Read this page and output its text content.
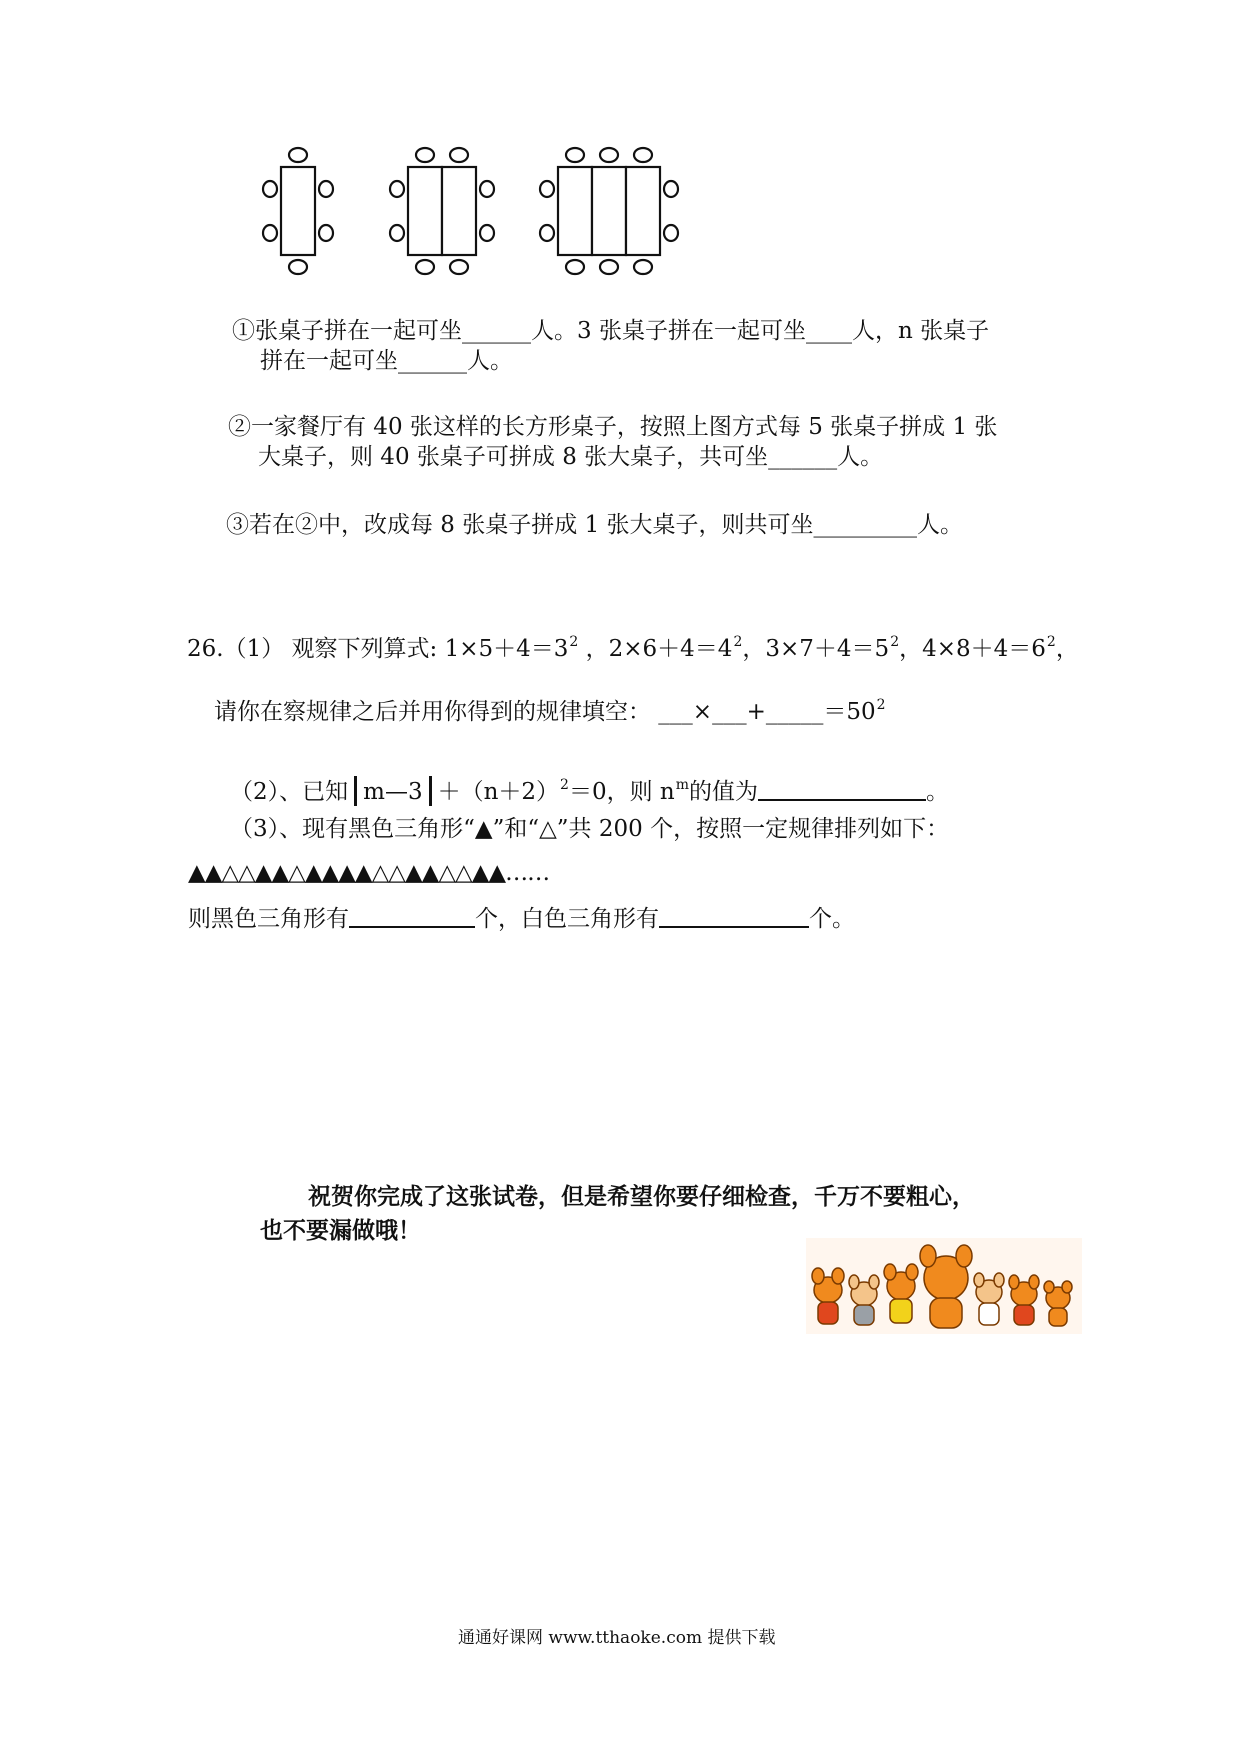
①张桌子拼在一起可坐______人。3 张桌子拼在一起可坐____人，n 张桌子
拼在一起可坐______人。
②一家餐厅有 40 张这样的长方形桌子，按照上图方式每 5 张桌子拼成 1 张
大桌子，则 40 张桌子可拼成 8 张大桌子，共可坐______人。
③若在②中，改成每 8 张桌子拼成 1 张大桌子，则共可坐_________人。
26.（1） 观察下列算式: $1\times 5+4=3^2$ ，$2\times 6+4=4^2$，$3\times 7+4=5^2$，$4\times 8+4=6^2$，
请你在察规律之后并用你得到的规律填空： $\_\_\_\times\_\_\_+\_\_\_\_\_=50^2$
（2）、已知 m—3 $+(n+2)^2=0$，则 $n^m$的值为	。
（3）、现有黑色三角形“▲”和“△”共 200 个，按照一定规律排列如下：
▲▲△△▲▲△▲▲▲▲△△▲▲△△▲▲……
则黑色三角形有	个，白色三角形有	个。
祝贺你完成了这张试卷，但是希望你要仔细检查，千万不要粗心，
也不要漏做哦！
通通好课网 www.tthaoke.com 提供下载
